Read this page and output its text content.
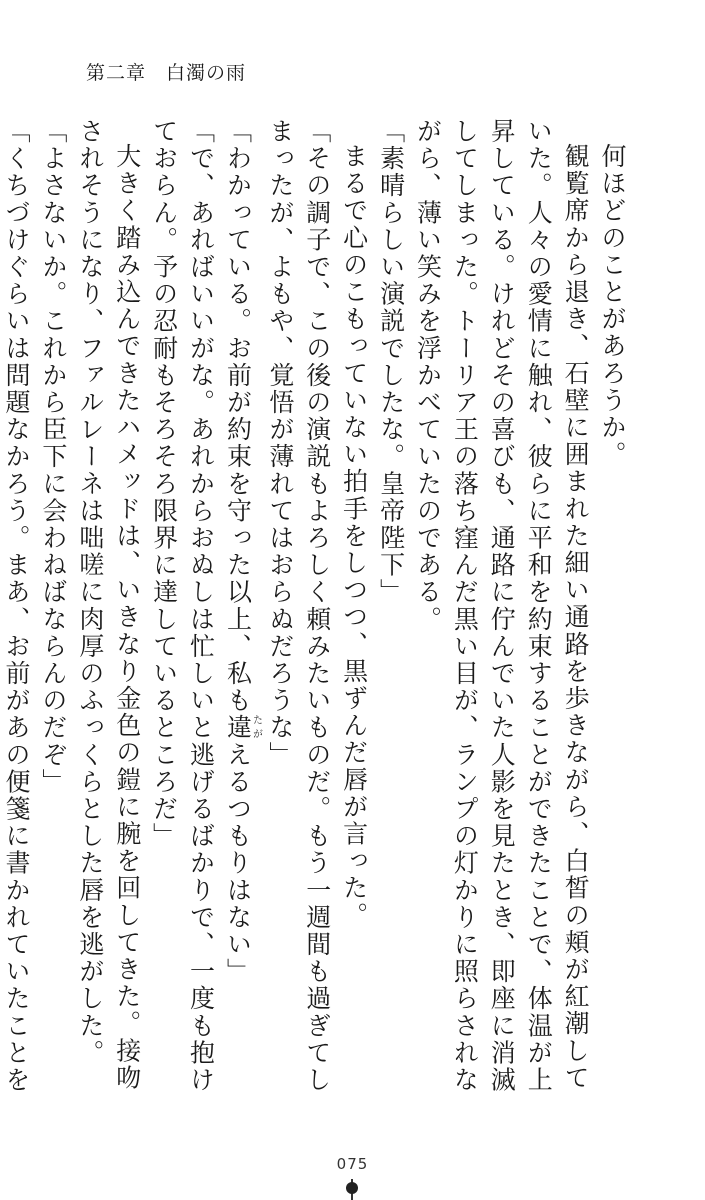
第二章　白濁の雨

何ほどのことがあろうか。

観覧席から退き、石壁に囲まれた細い通路を歩きながら、白皙の頬が紅潮していた。人々の愛情に触れ、彼らに平和を約束することができたことで、体温が上昇している。けれどその喜びも、通路に佇んでいた人影を見たとき、即座に消滅してしまった。トーリア王の落ち窪んだ黒い目が、ランプの灯かりに照らされながら、薄い笑みを浮かべていたのである。

「素晴らしい演説でしたな。皇帝陛下」

まるで心のこもっていない拍手をしつつ、黒ずんだ唇が言った。

「その調子で、この後の演説もよろしく頼みたいものだ。もう一週間も過ぎてしまったが、よもや、覚悟が薄れてはおらぬだろうな」

「わかっている。お前が約束を守った以上、私も違たがえるつもりはない」

「で、あればいいがな。あれからおぬしは忙しいと逃げるばかりで、一度も抱けておらん。予の忍耐もそろそろ限界に達しているところだ」

大きく踏み込んできたハメッドは、いきなり金色の鎧に腕を回してきた。接吻されそうになり、ファルレーネは咄嗟に肉厚のふっくらとした唇を逃がした。

「よさないか。これから臣下に会わねばならんのだぞ」

「くちづけぐらいは問題なかろう。まあ、お前があの便箋に書かれていたことを

075
